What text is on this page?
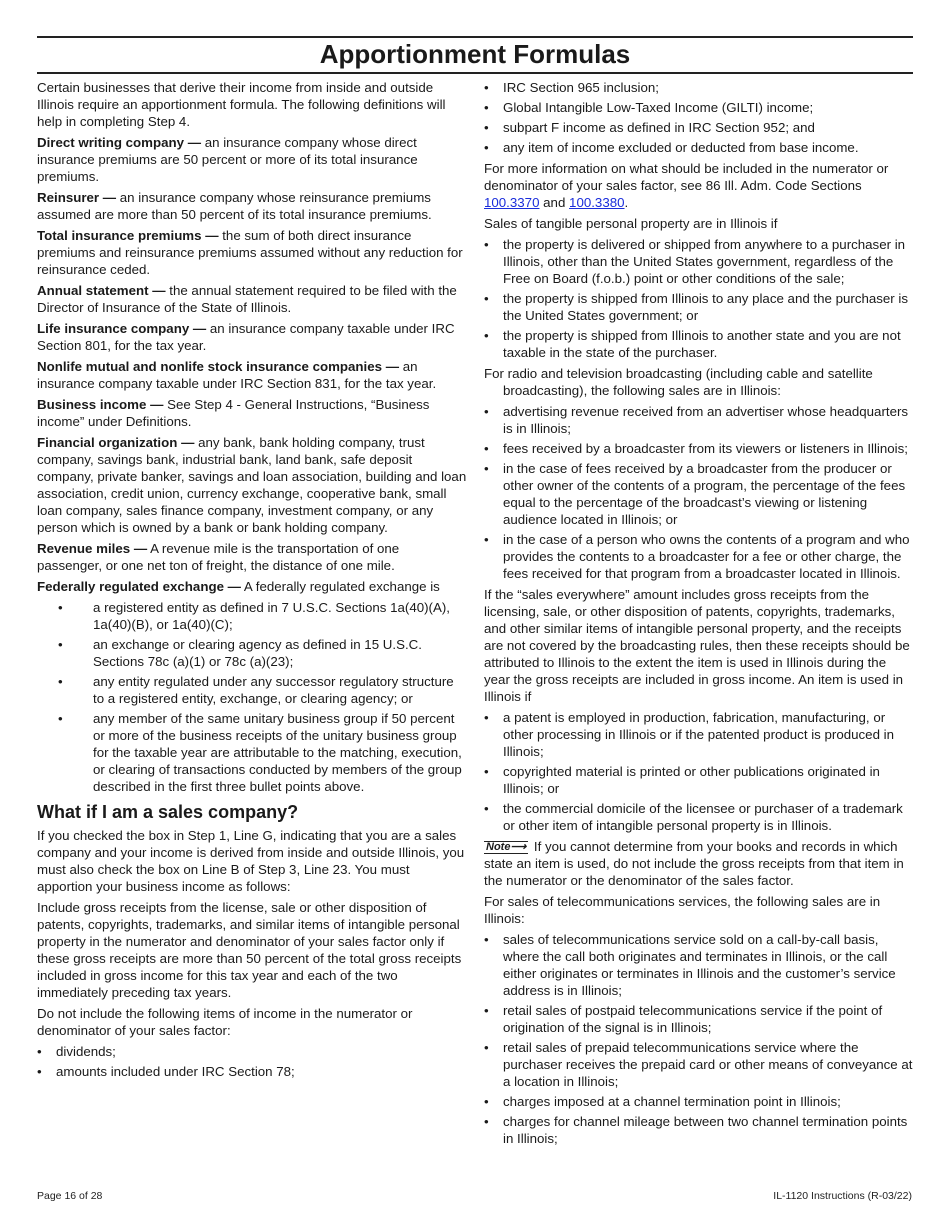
Apportionment Formulas

Certain businesses that derive their income from inside and outside Illinois require an apportionment formula. The following definitions will help in completing Step 4.

Direct writing company — an insurance company whose direct insurance premiums are 50 percent or more of its total insurance premiums.

Reinsurer — an insurance company whose reinsurance premiums assumed are more than 50 percent of its total insurance premiums.

Total insurance premiums — the sum of both direct insurance premiums and reinsurance premiums assumed without any reduction for reinsurance ceded.

Annual statement — the annual statement required to be filed with the Director of Insurance of the State of Illinois.

Life insurance company — an insurance company taxable under IRC Section 801, for the tax year.

Nonlife mutual and nonlife stock insurance companies — an insurance company taxable under IRC Section 831, for the tax year.

Business income — See Step 4 - General Instructions, “Business income” under Definitions.

Financial organization — any bank, bank holding company, trust company, savings bank, industrial bank, land bank, safe deposit company, private banker, savings and loan association, building and loan association, credit union, currency exchange, cooperative bank, small loan company, sales finance company, investment company, or any person which is owned by a bank or bank holding company.

Revenue miles — A revenue mile is the transportation of one passenger, or one net ton of freight, the distance of one mile.

Federally regulated exchange — A federally regulated exchange is

• a registered entity as defined in 7 U.S.C. Sections 1a(40)(A), 1a(40)(B), or 1a(40)(C);
• an exchange or clearing agency as defined in 15 U.S.C. Sections 78c (a)(1) or 78c (a)(23);
• any entity regulated under any successor regulatory structure to a registered entity, exchange, or clearing agency; or
• any member of the same unitary business group if 50 percent or more of the business receipts of the unitary business group for the taxable year are attributable to the matching, execution, or clearing of transactions conducted by members of the group described in the first three bullet points above.
What if I am a sales company?

If you checked the box in Step 1, Line G, indicating that you are a sales company and your income is derived from inside and outside Illinois, you must also check the box on Line B of Step 3, Line 23. You must apportion your business income as follows:

Include gross receipts from the license, sale or other disposition of patents, copyrights, trademarks, and similar items of intangible personal property in the numerator and denominator of your sales factor only if these gross receipts are more than 50 percent of the total gross receipts included in gross income for this tax year and each of the two immediately preceding tax years.

Do not include the following items of income in the numerator or denominator of your sales factor:

• dividends;
• amounts included under IRC Section 78;
• IRC Section 965 inclusion;
• Global Intangible Low-Taxed Income (GILTI) income;
• subpart F income as defined in IRC Section 952; and
• any item of income excluded or deducted from base income.

For more information on what should be included in the numerator or denominator of your sales factor, see 86 Ill. Adm. Code Sections 100.3370 and 100.3380.

Sales of tangible personal property are in Illinois if

• the property is delivered or shipped from anywhere to a purchaser in Illinois, other than the United States government, regardless of the Free on Board (f.o.b.) point or other conditions of the sale;
• the property is shipped from Illinois to any place and the purchaser is the United States government; or
• the property is shipped from Illinois to another state and you are not taxable in the state of the purchaser.

For radio and television broadcasting (including cable and satellite broadcasting), the following sales are in Illinois:

• advertising revenue received from an advertiser whose headquarters is in Illinois;
• fees received by a broadcaster from its viewers or listeners in Illinois;
• in the case of fees received by a broadcaster from the producer or other owner of the contents of a program, the percentage of the fees equal to the percentage of the broadcast’s viewing or listening audience located in Illinois; or
• in the case of a person who owns the contents of a program and who provides the contents to a broadcaster for a fee or other charge, the fees received for that program from a broadcaster located in Illinois.

If the “sales everywhere” amount includes gross receipts from the licensing, sale, or other disposition of patents, copyrights, trademarks, and other similar items of intangible personal property, and the receipts are not covered by the broadcasting rules, then these receipts should be attributed to Illinois to the extent the item is used in Illinois during the year the gross receipts are included in gross income. An item is used in Illinois if

• a patent is employed in production, fabrication, manufacturing, or other processing in Illinois or if the patented product is produced in Illinois;
• copyrighted material is printed or other publications originated in Illinois; or
• the commercial domicile of the licensee or purchaser of a trademark or other item of intangible personal property is in Illinois.

Note⟶ If you cannot determine from your books and records in which state an item is used, do not include the gross receipts from that item in the numerator or the denominator of the sales factor.

For sales of telecommunications services, the following sales are in Illinois:

• sales of telecommunications service sold on a call-by-call basis, where the call both originates and terminates in Illinois, or the call either originates or terminates in Illinois and the customer’s service address is in Illinois;
• retail sales of postpaid telecommunications service if the point of origination of the signal is in Illinois;
• retail sales of prepaid telecommunications service where the purchaser receives the prepaid card or other means of conveyance at a location in Illinois;
• charges imposed at a channel termination point in Illinois;
• charges for channel mileage between two channel termination points in Illinois;
Page 16 of 28	IL-1120 Instructions (R-03/22)
